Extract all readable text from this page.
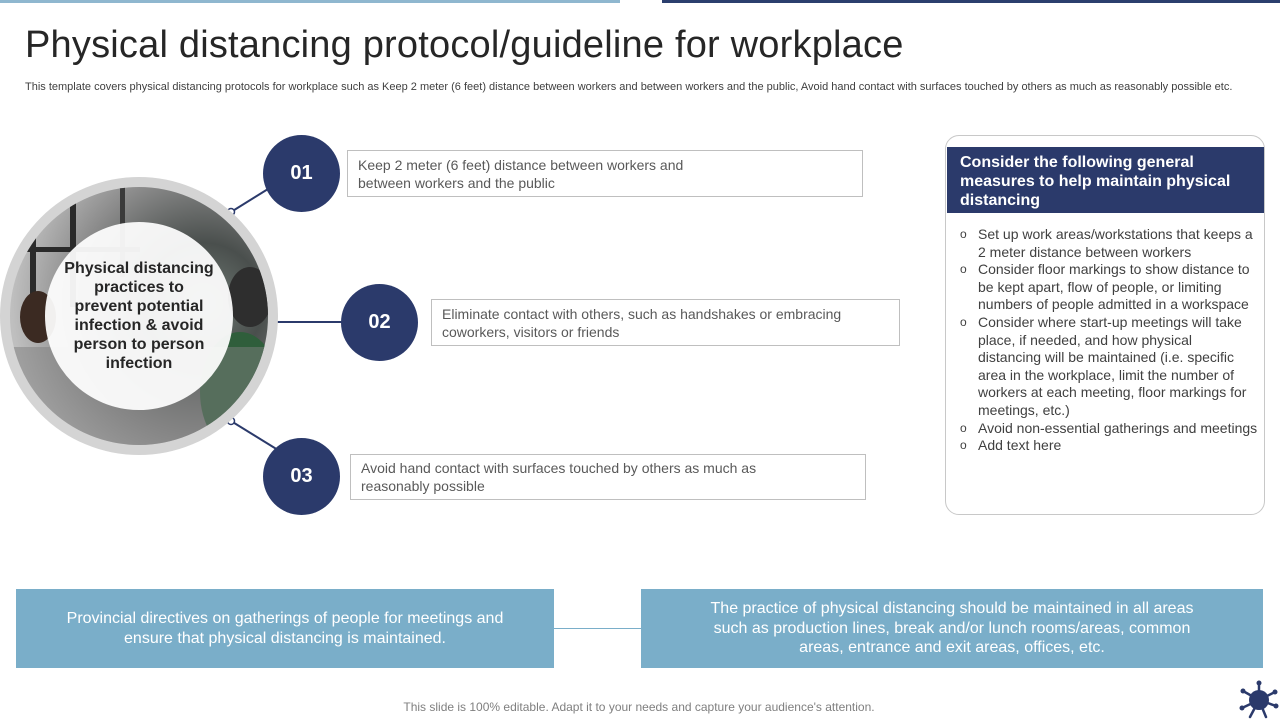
Physical distancing protocol/guideline for workplace

This template covers physical distancing protocols for workplace such as Keep 2 meter (6 feet) distance between workers and between workers and the public, Avoid hand contact with surfaces touched by others as much as reasonably possible etc.

Physical distancing practices to prevent potential infection & avoid person to person infection
01	Keep 2 meter (6 feet) distance between workers and between workers and the public
02	Eliminate contact with others, such as handshakes or embracing coworkers, visitors or friends
03	Avoid hand contact with surfaces touched by others as much as reasonably possible
Consider the following general measures to help maintain physical distancing
o Set up work areas/workstations that keeps a 2 meter distance between workers
o Consider floor markings to show distance to be kept apart, flow of people, or limiting numbers of people admitted in a workspace
o Consider where start-up meetings will take place, if needed, and how physical distancing will be maintained (i.e. specific area in the workplace, limit the number of workers at each meeting, floor markings for meetings, etc.)
o Avoid non-essential gatherings and meetings
o Add text here
Provincial directives on gatherings of people for meetings and ensure that physical distancing is maintained.
The practice of physical distancing should be maintained in all areas such as production lines, break and/or lunch rooms/areas, common areas, entrance and exit areas, offices, etc.
This slide is 100% editable. Adapt it to your needs and capture your audience's attention.
